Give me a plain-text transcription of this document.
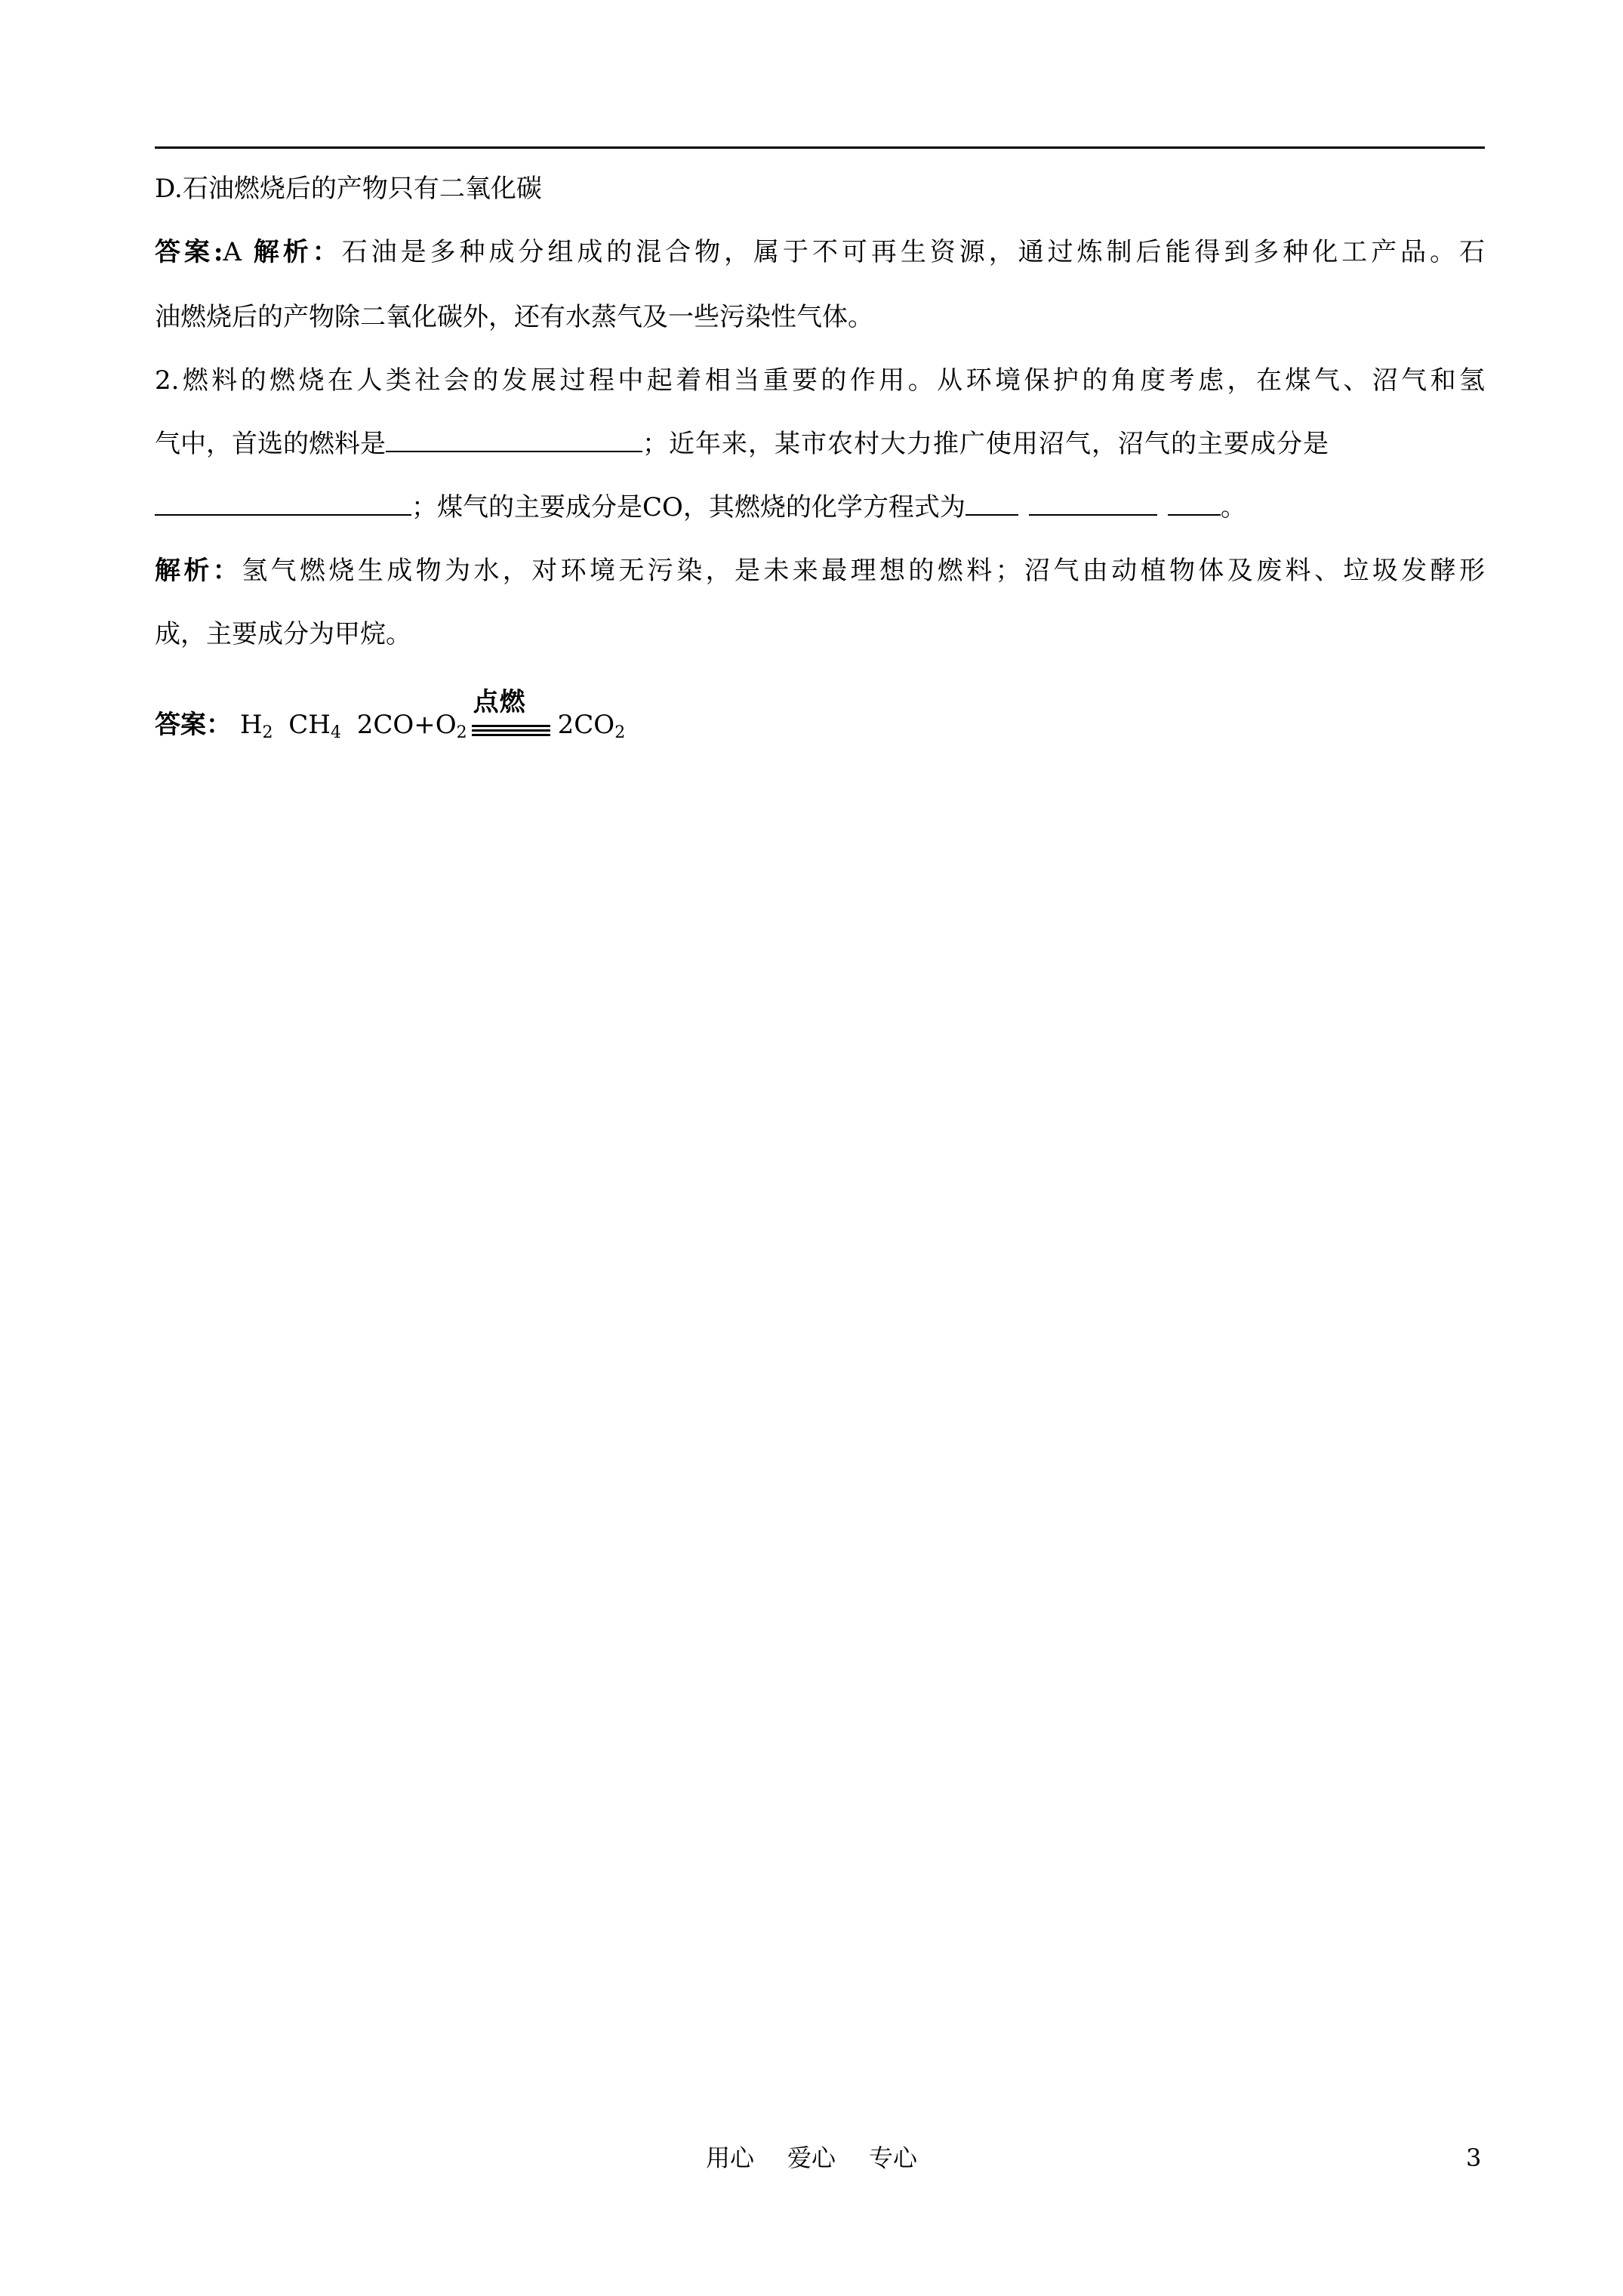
D.石油燃烧后的产物只有二氧化碳
答案:A 解析：石油是多种成分组成的混合物，属于不可再生资源，通过炼制后能得到多种化工产品。石
油燃烧后的产物除二氧化碳外，还有水蒸气及一些污染性气体。
2.燃料的燃烧在人类社会的发展过程中起着相当重要的作用。从环境保护的角度考虑，在煤气、沼气和氢
气中，首选的燃料是	；近年来，某市农村大力推广使用沼气，沼气的主要成分是
；煤气的主要成分是CO，其燃烧的化学方程式为	。
解析：氢气燃烧生成物为水，对环境无污染，是未来最理想的燃料；沼气由动植物体及废料、垃圾发酵形
成，主要成分为甲烷。
答案： $H_2$ $CH_4$ $2CO+O_2$
点燃
$2CO_2$
用心 爱心 专心	3
